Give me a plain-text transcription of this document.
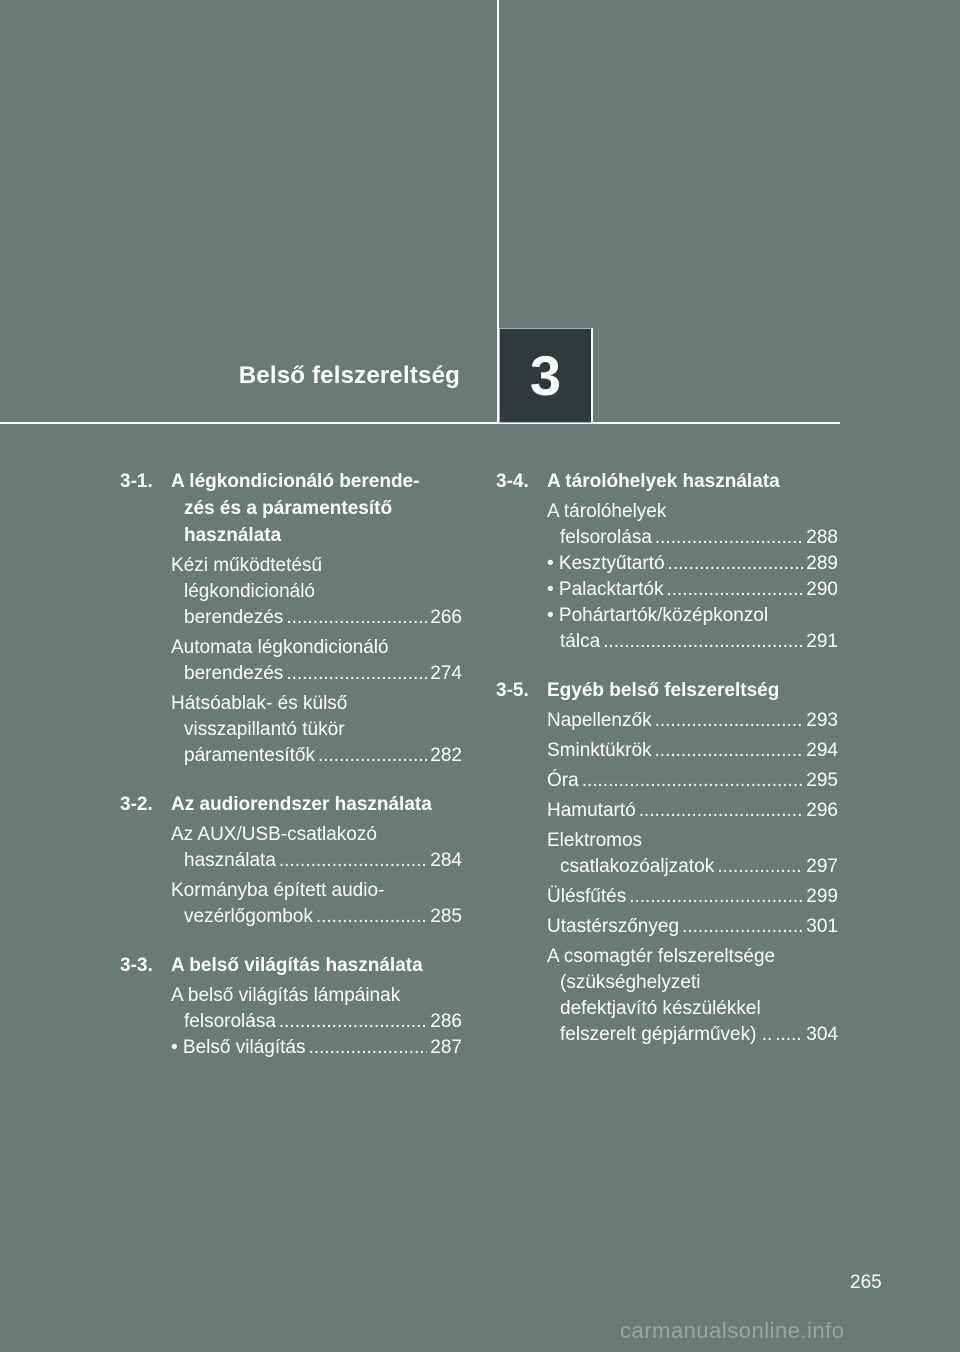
Belső felszereltség 3
3-1. A légkondicionáló berende-
zés és a páramentesítő
használata
Kézi működtetésű
légkondicionáló
berendezés .....	266
Automata légkondicionáló
berendezés .....	274
Hátsóablak- és külső
visszapillantó tükör
páramentesítők .....	282
3-2. Az audiorendszer használata
Az AUX/USB-csatlakozó
használata .....	284
Kormányba épített audio-
vezérlőgombok .....	285
3-3. A belső világítás használata
A belső világítás lámpáinak
felsorolása .....	286
• Belső világítás .....	287
3-4. A tárolóhelyek használata
A tárolóhelyek
felsorolása .....	288
• Kesztyűtartó .....	289
• Palacktartók .....	290
• Pohártartók/középkonzol
tálca .....	291
3-5. Egyéb belső felszereltség
Napellenzők .....	293
Sminktükrök .....	294
Óra .....	295
Hamutartó .....	296
Elektromos
csatlakozóaljzatok .....	297
Ülésfűtés .....	299
Utastérszőnyeg .....	301
A csomagtér felszereltsége
(szükséghelyzeti
defektjavító készülékkel
felszerelt gépjárművek) .. ..... 304
265
carmanualsonline.info
